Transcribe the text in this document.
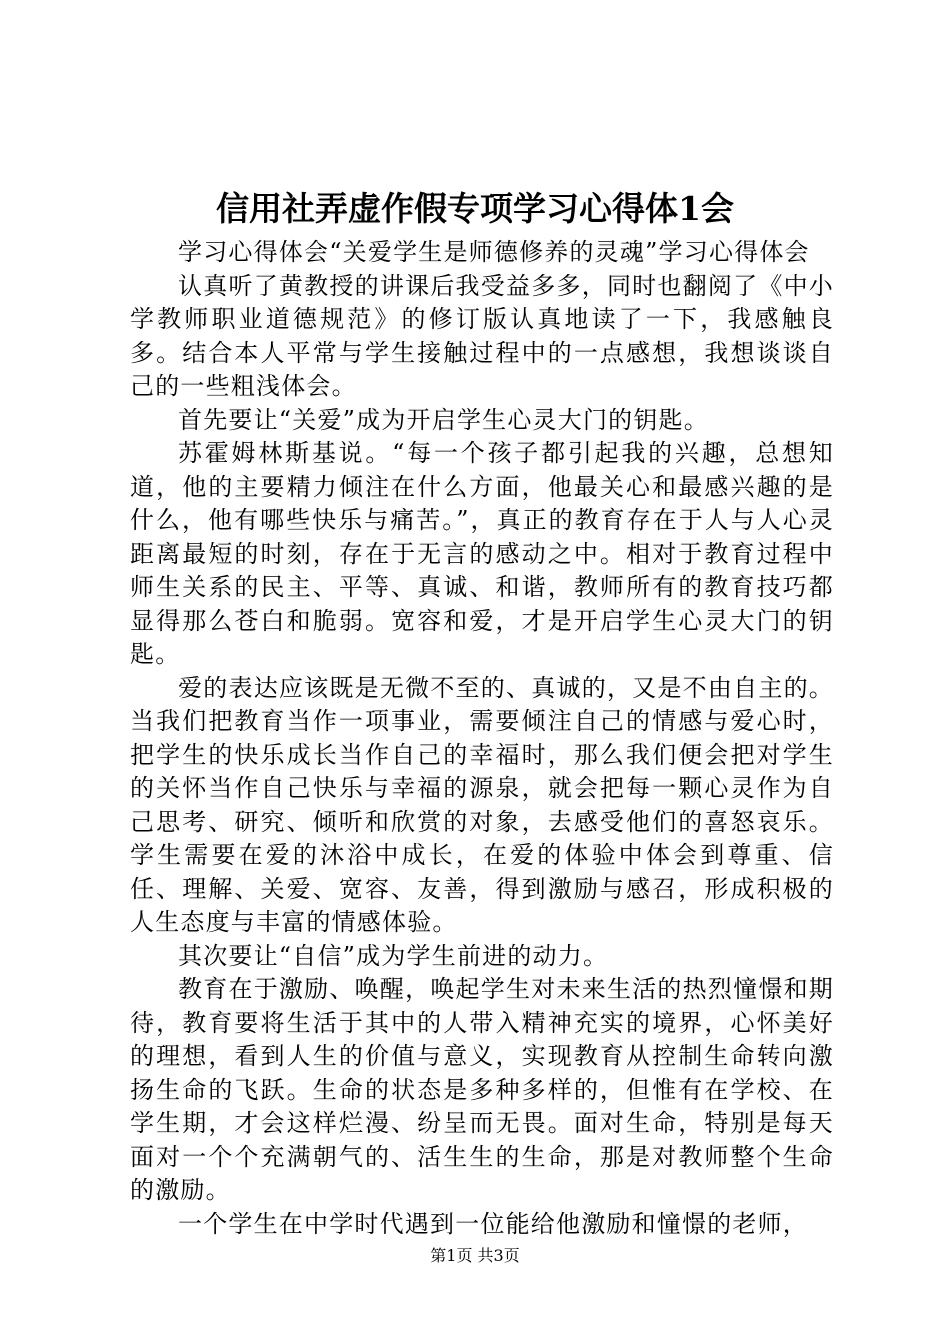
信用社弄虚作假专项学习心得体1会

学习心得体会“关爱学生是师德修养的灵魂”学习心得体会

认真听了黄教授的讲课后我受益多多，同时也翻阅了《中小学教师职业道德规范》的修订版认真地读了一下，我感触良多。结合本人平常与学生接触过程中的一点感想，我想谈谈自己的一些粗浅体会。

首先要让“关爱”成为开启学生心灵大门的钥匙。

苏霍姆林斯基说。“每一个孩子都引起我的兴趣，总想知道，他的主要精力倾注在什么方面，他最关心和最感兴趣的是什么，他有哪些快乐与痛苦。”，真正的教育存在于人与人心灵距离最短的时刻，存在于无言的感动之中。相对于教育过程中师生关系的民主、平等、真诚、和谐，教师所有的教育技巧都显得那么苍白和脆弱。宽容和爱，才是开启学生心灵大门的钥匙。

爱的表达应该既是无微不至的、真诚的，又是不由自主的。当我们把教育当作一项事业，需要倾注自己的情感与爱心时，把学生的快乐成长当作自己的幸福时，那么我们便会把对学生的关怀当作自己快乐与幸福的源泉，就会把每一颗心灵作为自己思考、研究、倾听和欣赏的对象，去感受他们的喜怒哀乐。学生需要在爱的沐浴中成长，在爱的体验中体会到尊重、信任、理解、关爱、宽容、友善，得到激励与感召，形成积极的人生态度与丰富的情感体验。

其次要让“自信”成为学生前进的动力。

教育在于激励、唤醒，唤起学生对未来生活的热烈憧憬和期待，教育要将生活于其中的人带入精神充实的境界，心怀美好的理想，看到人生的价值与意义，实现教育从控制生命转向激扬生命的飞跃。生命的状态是多种多样的，但惟有在学校、在学生期，才会这样烂漫、纷呈而无畏。面对生命，特别是每天面对一个个充满朝气的、活生生的生命，那是对教师整个生命的激励。

一个学生在中学时代遇到一位能给他激励和憧憬的老师，

第1页 共3页
